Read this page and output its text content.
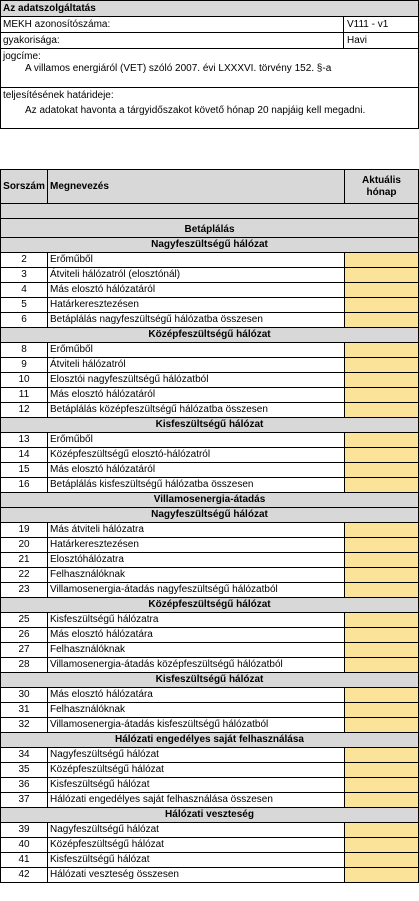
Az adatszolgáltatás
MEKH azonosítószáma:	V111 - v1
gyakorisága:	Havi
jogcíme:
A villamos energiáról (VET) szóló 2007. évi LXXXVI. törvény 152. §-a
teljesítésének határideje:
Az adatokat havonta a tárgyidőszakot követő hónap 20 napjáig kell megadni.
Sorszám	Megnevezés	Aktuális hónap

Betáplálás		
Nagyfeszültségű hálózat		
2	Erőműből	
3	Átviteli hálózatról (elosztónál)	
4	Más elosztó hálózatáról	
5	Határkeresztezésen	
6	Betáplálás nagyfeszültségű hálózatba összesen	
Középfeszültségű hálózat		
8	Erőműből	
9	Átviteli hálózatról	
10	Elosztói nagyfeszültségű hálózatból	
11	Más elosztó hálózatáról	
12	Betáplálás középfeszültségű hálózatba összesen	
Kisfeszültségű hálózat		
13	Erőműből	
14	Középfeszültségű elosztó-hálózatról	
15	Más elosztó hálózatáról	
16	Betáplálás kisfeszültségű hálózatba összesen	
Villamosenergia-átadás		
Nagyfeszültségű hálózat		
19	Más átviteli hálózatra	
20	Határkeresztezésen	
21	Elosztóhálózatra	
22	Felhasználóknak	
23	Villamosenergia-átadás nagyfeszültségű hálózatból	
Középfeszültségű hálózat		
25	Kisfeszültségű hálózatra	
26	Más elosztó hálózatára	
27	Felhasználóknak	
28	Villamosenergia-átadás középfeszültségű hálózatból	
Kisfeszültségű hálózat		
30	Más elosztó hálózatára	
31	Felhasználóknak	
32	Villamosenergia-átadás kisfeszültségű hálózatból	
Hálózati engedélyes saját felhasználása		
34	Nagyfeszültségű hálózat	
35	Középfeszültségű hálózat	
36	Kisfeszültségű hálózat	
37	Hálózati engedélyes saját felhasználása összesen	
Hálózati veszteség		
39	Nagyfeszültségű hálózat	
40	Középfeszültségű hálózat	
41	Kisfeszültségű hálózat	
42	Hálózati veszteség összesen	
